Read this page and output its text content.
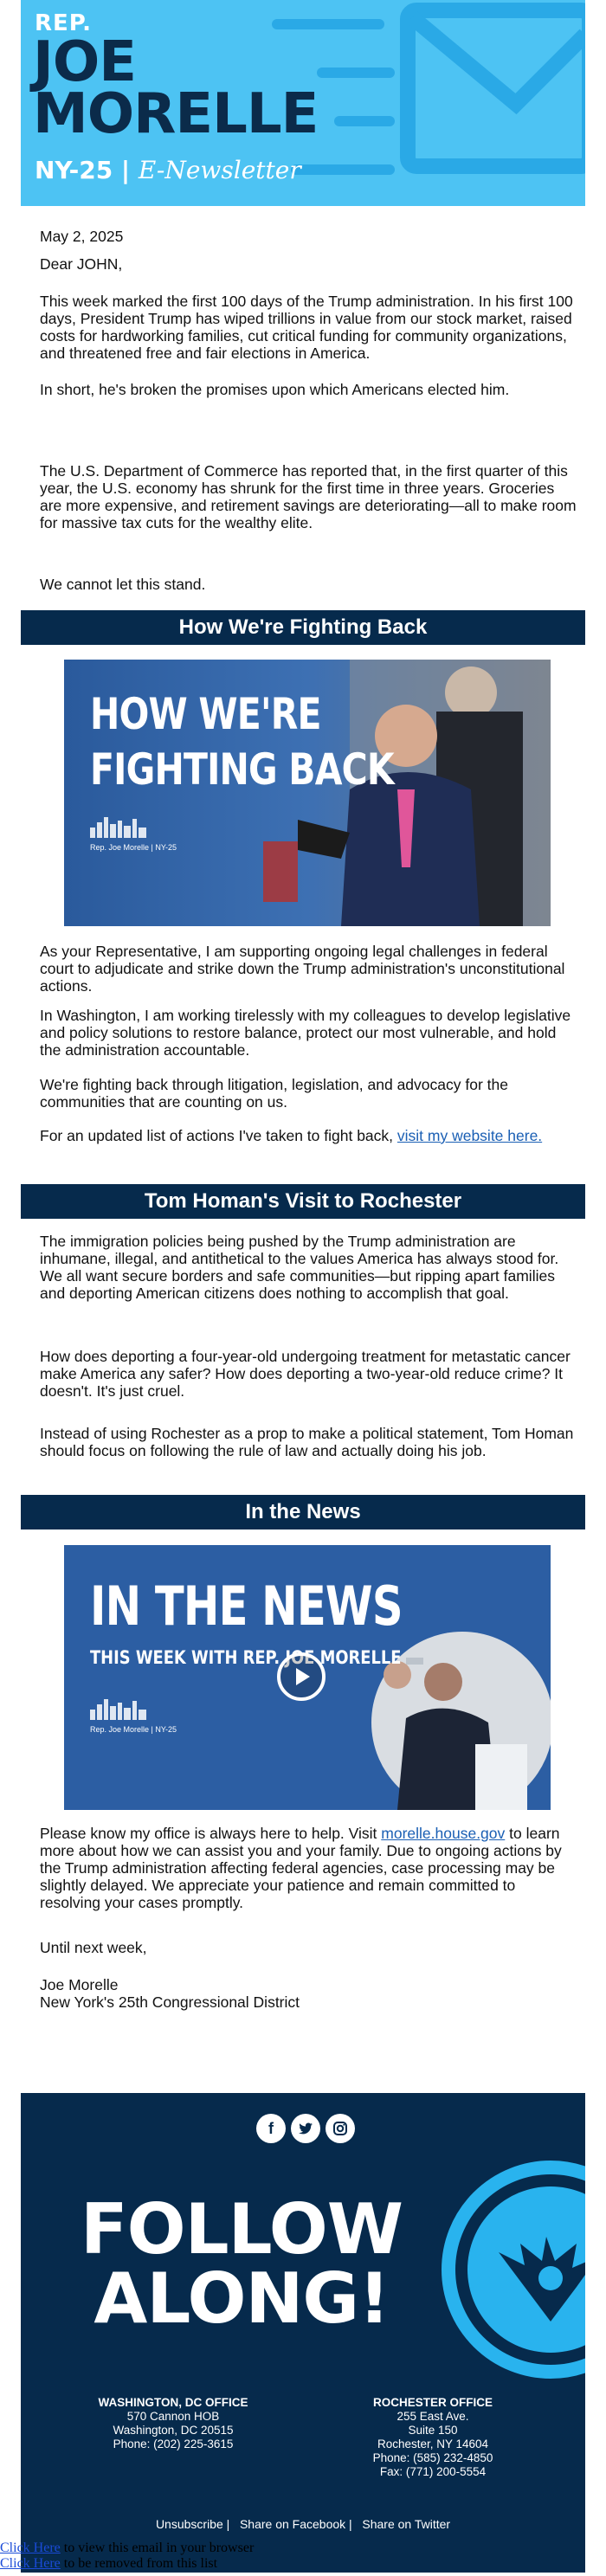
REP.
JOE
MORELLE
NY-25 | E-Newsletter

May 2, 2025

Dear JOHN,

This week marked the first 100 days of the Trump administration. In his first 100 days, President Trump has wiped trillions in value from our stock market, raised costs for hardworking families, cut critical funding for community organizations, and threatened free and fair elections in America.

In short, he's broken the promises upon which Americans elected him.

The U.S. Department of Commerce has reported that, in the first quarter of this year, the U.S. economy has shrunk for the first time in three years. Groceries are more expensive, and retirement savings are deteriorating—all to make room for massive tax cuts for the wealthy elite.

We cannot let this stand.

How We're Fighting Back
HOW WE'RE
FIGHTING BACK
Rep. Joe Morelle | NY-25

As your Representative, I am supporting ongoing legal challenges in federal court to adjudicate and strike down the Trump administration's unconstitutional actions.

In Washington, I am working tirelessly with my colleagues to develop legislative and policy solutions to restore balance, protect our most vulnerable, and hold the administration accountable.

We're fighting back through litigation, legislation, and advocacy for the communities that are counting on us.

For an updated list of actions I've taken to fight back, visit my website here.

Tom Homan's Visit to Rochester

The immigration policies being pushed by the Trump administration are inhumane, illegal, and antithetical to the values America has always stood for. We all want secure borders and safe communities—but ripping apart families and deporting American citizens does nothing to accomplish that goal.

How does deporting a four-year-old undergoing treatment for metastatic cancer make America any safer? How does deporting a two-year-old reduce crime? It doesn't. It's just cruel.

Instead of using Rochester as a prop to make a political statement, Tom Homan should focus on following the rule of law and actually doing his job.

In the News
IN THE NEWS
THIS WEEK WITH REP. JOE MORELLE
Rep. Joe Morelle | NY-25

Please know my office is always here to help. Visit morelle.house.gov to learn more about how we can assist you and your family. Due to ongoing actions by the Trump administration affecting federal agencies, case processing may be slightly delayed. We appreciate your patience and remain committed to resolving your cases promptly.

Until next week,

Joe Morelle

New York's 25th Congressional District

f
FOLLOW
ALONG!
WASHINGTON, DC OFFICE
570 Cannon HOB
Washington, DC 20515
Phone: (202) 225-3615
ROCHESTER OFFICE
255 East Ave.
Suite 150
Rochester, NY 14604
Phone: (585) 232-4850
Fax: (771) 200-5554
Unsubscribe |   Share on Facebook |   Share on Twitter
Click Here to view this email in your browser
Click Here to be removed from this list
